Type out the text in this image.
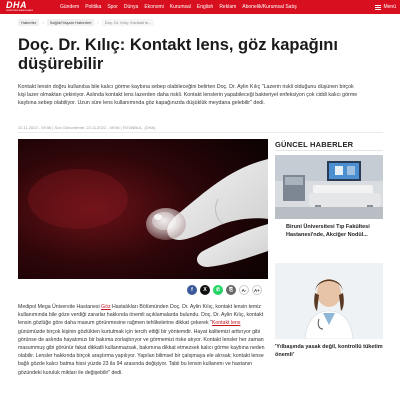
DHA
DEMİRÖREN HABER AJANSI
Gündem Politika Spor Dünya Ekonomi Kurumsal English Reklam Abonelik/Kurumsal Satış	Menü
Haberler	›	Sağlık/Yaşam Haberleri	›	Doç. Dr. Kılıç: Kontakt le...
Doç. Dr. Kılıç: Kontakt lens, göz kapağını düşürebilir

Kontakt lensin doğru kullanılsa bile kalıcı görme kaybına sebep olabileceğini belirten Doç. Dr. Aylin Kılıç "Lazerin riskli olduğunu düşünen birçok kişi lazer olmaktan çekiniyor. Aslında kontakt lens lazerden daha riskli. Kontakt lenslerin yapabileceği bakteriyel enfeksiyon çok ciddi kalıcı görme kaybına sebep olabiliyor. Uzun süre lens kullanımında göz kapağınızda düşüklük meydana gelebilir" dedi.

22.11.2022 - 09:56 | Son Güncelleme: 22.11.2022 - 09:56 | İSTANBUL, (DHA)
f	X	✆	⎘	A-	A+

Medipol Mega Üniversite Hastanesi Göz Hastalıkları Bölümünden Doç. Dr. Aylin Kılıç, kontakt lensin temiz kullanımında bile göze verdiği zararlar hakkında önemli açıklamalarda bulundu. Doç. Dr. Aylin Kılıç, kontakt lensin gözlüğe göre daha masum görünmesine rağmen tehlikelerine dikkat çekerek "Kontakt lens günümüzde birçok kişinin gözlükten kurtulmak için tercih ettiği bir yöntemdir. Hayat kalitemizi arttırıyor gibi görünse de aslında hayatımızı bir bakıma zorlaştırıyor ve görmemizi riske atıyor. Kontakt lensler her zaman masummuş gibi görünür fakat dikkatli kullanmazsak, bakımına dikkat etmezsek kalıcı görme kaybına neden olabilir. Lensler hakkında birçok araştırma yapılıyor. Yapılan bilimsel bir çalışmaya ele alırsak; kontakt lense bağlı gözde kalıcı batma hissi yüzde 23 ila 94 arasında değişiyor. Tabii bu lensin kullanımı ve hastanın gözündeki kuruluk miktarı ile değişebilir" dedi.

GÜNCEL HABERLER
Biruni Üniversitesi Tıp Fakültesi Hastanesi'nde, Akciğer Nodül...
'Yılbaşında yasak değil, kontrollü tüketim önemli'
